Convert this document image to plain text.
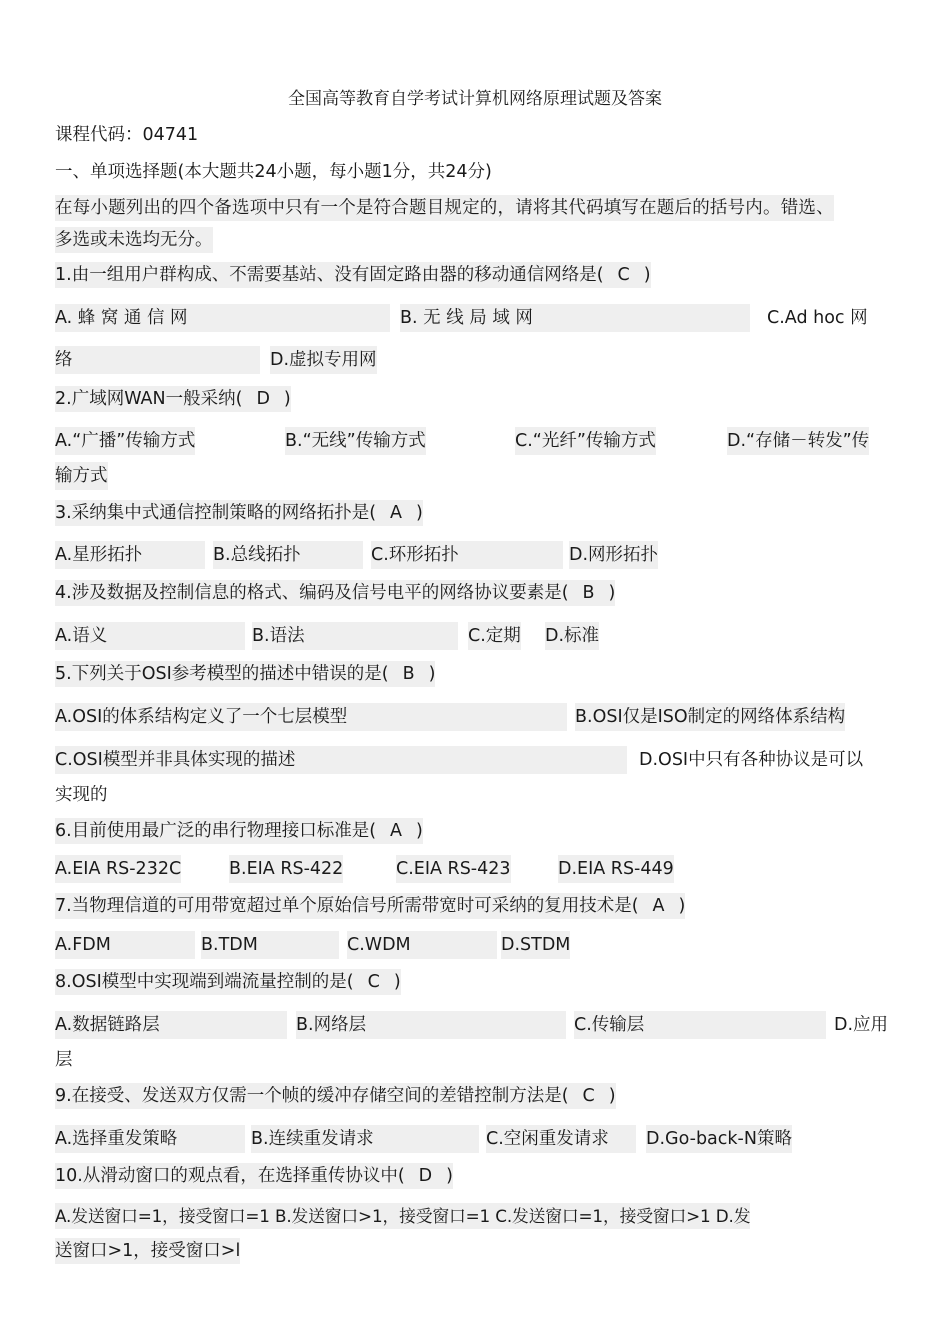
全国高等教育自学考试计算机网络原理试题及答案

课程代码：04741

一、单项选择题(本大题共24小题，每小题1分，共24分)

在每小题列出的四个备选项中只有一个是符合题目规定的，请将其代码填写在题后的括号内。错选、

多选或未选均无分。

1.由一组用户群构成、不需要基站、没有固定路由器的移动通信网络是( C )

A. 蜂 窝 通 信 网	B. 无 线 局 域 网	C.Ad hoc 网
络	D.虚拟专用网

2.广域网WAN一般采纳( D )

A.“广播”传输方式	B.“无线”传输方式	C.“光纤”传输方式	D.“存储－转发”传
输方式

3.采纳集中式通信控制策略的网络拓扑是( A )

A.星形拓扑	B.总线拓扑	C.环形拓扑	D.网形拓扑

4.涉及数据及控制信息的格式、编码及信号电平的网络协议要素是( B )

A.语义	B.语法	C.定期 D.标准

5.下列关于OSI参考模型的描述中错误的是( B )

A.OSI的体系结构定义了一个七层模型	B.OSI仅是ISO制定的网络体系结构
C.OSI模型并非具体实现的描述	D.OSI中只有各种协议是可以
实现的

6.目前使用最广泛的串行物理接口标准是( A )

A.EIA RS-232C	B.EIA RS-422	C.EIA RS-423	D.EIA RS-449

7.当物理信道的可用带宽超过单个原始信号所需带宽时可采纳的复用技术是( A )

A.FDM	B.TDM	C.WDM	D.STDM

8.OSI模型中实现端到端流量控制的是( C )

A.数据链路层	B.网络层	C.传输层	D.应用
层

9.在接受、发送双方仅需一个帧的缓冲存储空间的差错控制方法是( C )

A.选择重发策略	B.连续重发请求	C.空闲重发请求	D.Go-back-N策略

10.从滑动窗口的观点看，在选择重传协议中( D )

A.发送窗口=1，接受窗口=1 B.发送窗口>1，接受窗口=1 C.发送窗口=1，接受窗口>1 D.发

送窗口>1，接受窗口>l
